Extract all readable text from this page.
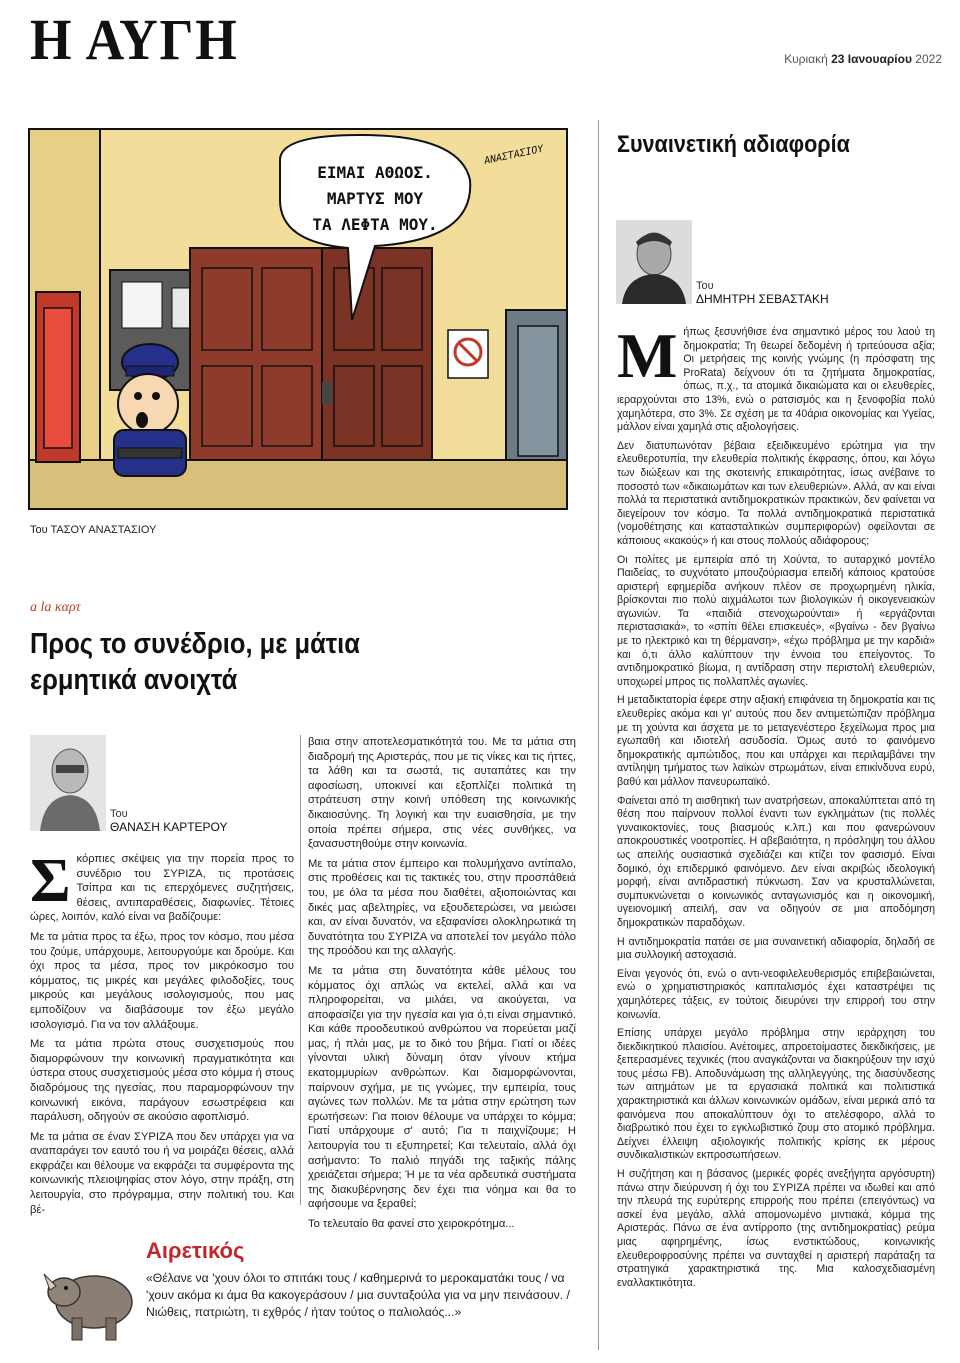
Η ΑΥΓΗ	Κυριακή 23 Ιανουαρίου 2022
ΕΙΜΑΙ ΑΘΩΟΣ.
ΜΑΡΤΥΣ ΜΟΥ
ΤΑ ΛΕΦΤΑ ΜΟΥ.
ΑΝΑΣΤΑΣΙΟΥ
Του ΤΑΣΟΥ ΑΝΑΣΤΑΣΙΟΥ
a la καρτ
Προς το συνέδριο, με μάτια ερμητικά ανοιχτά
Του
ΘΑΝΑΣΗ ΚΑΡΤΕΡΟΥ

Σκόρπιες σκέψεις για την πορεία προς το συνέδριο του ΣΥΡΙΖΑ, τις προτάσεις Τσίπρα και τις επερχόμενες συζητήσεις, θέσεις, αντιπαραθέσεις, διαφωνίες. Τέτοιες ώρες, λοιπόν, καλό είναι να βαδίζουμε:

Με τα μάτια προς τα έξω, προς τον κόσμο, που μέσα του ζούμε, υπάρχουμε, λειτουργούμε και δρούμε. Και όχι προς τα μέσα, προς τον μικρόκοσμο του κόμματος, τις μικρές και μεγάλες φιλοδοξίες, τους μικρούς και μεγάλους ισολογισμούς, που μας εμποδίζουν να διαβάσουμε τον έξω μεγάλο ισολογισμό. Για να τον αλλάξουμε.

Με τα μάτια πρώτα στους συσχετισμούς που διαμορφώνουν την κοινωνική πραγματικότητα και ύστερα στους συσχετισμούς μέσα στο κόμμα ή στους διαδρόμους της ηγεσίας, που παραμορφώνουν την κοινωνική εικόνα, παράγουν εσωστρέφεια και παράλυση, οδηγούν σε ακούσιο αφοπλισμό.

Με τα μάτια σε έναν ΣΥΡΙΖΑ που δεν υπάρχει για να αναπαράγει τον εαυτό του ή να μοιράζει θέσεις, αλλά εκφράζει και θέλουμε να εκφράζει τα συμφέροντα της κοινωνικής πλειοψηφίας στον λόγο, στην πράξη, στη λειτουργία, στο πρόγραμμα, στην πολιτική του. Και βέ-

βαια στην αποτελεσματικότητά του. Με τα μάτια στη διαδρομή της Αριστεράς, που με τις νίκες και τις ήττες, τα λάθη και τα σωστά, τις αυταπάτες και την αφοσίωση, υποκινεί και εξοπλίζει πολιτικά τη στράτευση στην κοινή υπόθεση της κοινωνικής δικαιοσύνης. Τη λογική και την ευαισθησία, με την οποία πρέπει σήμερα, στις νέες συνθήκες, να ξανασυστηθούμε στην κοινωνία.

Με τα μάτια στον έμπειρο και πολυμήχανο αντίπαλο, στις προθέσεις και τις τακτικές του, στην προσπάθειά του, με όλα τα μέσα που διαθέτει, αξιοποιώντας και δικές μας αβελτηρίες, να εξουδετερώσει, να μειώσει και, αν είναι δυνατόν, να εξαφανίσει ολοκληρωτικά τη δυνατότητα του ΣΥΡΙΖΑ να αποτελεί τον μεγάλο πόλο της προόδου και της αλλαγής.

Με τα μάτια στη δυνατότητα κάθε μέλους του κόμματος όχι απλώς να εκτελεί, αλλά και να πληροφορείται, να μιλάει, να ακούγεται, να αποφασίζει για την ηγεσία και για ό,τι είναι σημαντικό. Και κάθε προοδευτικού ανθρώπου να πορεύεται μαζί μας, ή πλάι μας, με το δικό του βήμα. Γιατί οι ιδέες γίνονται υλική δύναμη όταν γίνουν κτήμα εκατομμυρίων ανθρώπων. Και διαμορφώνονται, παίρνουν σχήμα, με τις γνώμες, την εμπειρία, τους αγώνες των πολλών. Με τα μάτια στην ερώτηση των ερωτήσεων: Για ποιον θέλουμε να υπάρχει το κόμμα; Γιατί υπάρχουμε σ' αυτό; Για τι παιχνίζουμε; Η λειτουργία του τι εξυπηρετεί; Και τελευταίο, αλλά όχι ασήμαντο: Το παλιό πηγάδι της ταξικής πάλης χρειάζεται σήμερα; Ή με τα νέα αρδευτικά συστήματα της διακυβέρνησης δεν έχει πια νόημα και θα το αφήσουμε να ξεραθεί;

Το τελευταίο θα φανεί στο χειροκρότημα...

Συναινετική αδιαφορία
Του
ΔΗΜΗΤΡΗ ΣΕΒΑΣΤΑΚΗ

Μήπως ξεσυνήθισε ένα σημαντικό μέρος του λαού τη δημοκρατία; Τη θεωρεί δεδομένη ή τριτεύουσα αξία; Οι μετρήσεις της κοινής γνώμης (η πρόσφατη της ProRata) δείχνουν ότι τα ζητήματα δημοκρατίας, όπως, π.χ., τα ατομικά δικαιώματα και οι ελευθερίες, ιεραρχούνται στο 13%, ενώ ο ρατσισμός και η ξενοφοβία πολύ χαμηλότερα, στο 3%. Σε σχέση με τα 40άρια οικονομίας και Υγείας, μάλλον είναι χαμηλά στις αξιολογήσεις.

Δεν διατυπωνόταν βέβαια εξειδικευμένο ερώτημα για την ελευθεροτυπία, την ελευθερία πολιτικής έκφρασης, όπου, και λόγω των διώξεων και της σκοτεινής επικαιρότητας, ίσως ανέβαινε το ποσοστό των «δικαιωμάτων και των ελευθεριών». Αλλά, αν και είναι πολλά τα περιστατικά αντιδημοκρατικών πρακτικών, δεν φαίνεται να διεγείρουν τον κόσμο. Τα πολλά αντιδημοκρατικά περιστατικά (νομοθέτησης και κατασταλτικών συμπεριφορών) οφείλονται σε κάποιους «κακούς» ή και στους πολλούς αδιάφορους;

Οι πολίτες με εμπειρία από τη Χούντα, το αυταρχικό μοντέλο Παιδείας, το συχνότατο μπουζούριασμα επειδή κάποιος κρατούσε αριστερή εφημερίδα ανήκουν πλέον σε προχωρημένη ηλικία, βρίσκονται πιο πολύ αιχμάλωτοι των βιολογικών ή οικογενειακών αγωνιών. Τα «παιδιά στενοχωρούνται» ή «εργάζονται περιστασιακά», το «σπίτι θέλει επισκευές», «βγαίνω - δεν βγαίνω με το ηλεκτρικό και τη θέρμανση», «έχω πρόβλημα με την καρδιά» και ό,τι άλλο καλύπτουν την έννοια του επείγοντος. Το αντιδημοκρατικό βίωμα, η αντίδραση στην περιστολή ελευθεριών, υποχωρεί μπρος τις πολλαπλές αγωνίες.

Η μεταδικτατορία έφερε στην αξιακή επιφάνεια τη δημοκρατία και τις ελευθερίες ακόμα και γι' αυτούς που δεν αντιμετώπιζαν πρόβλημα με τη χούντα και άσχετα με το μεταγενέστερο ξεχείλωμα προς μια εγωπαθή και ιδιοτελή ασυδοσία. Όμως αυτό το φαινόμενο δημοκρατικής αμπώτιδος, που και υπάρχει και περιλαμβάνει την αντίληψη τμήματος των λαϊκών στρωμάτων, είναι επικίνδυνα ευρύ, βαθύ και μάλλον πανευρωπαϊκό.

Φαίνεται από τη αισθητική των ανατρήσεων, αποκαλύπτεται από τη θέση που παίρνουν πολλοί έναντι των εγκλημάτων (τις πολλές γυναικοκτονίες, τους βιασμούς κ.λπ.) και που φανερώνουν αποκρουστικές νοοτροπίες. Η αβεβαιότητα, η πρόσληψη του άλλου ως απειλής ουσιαστικά σχεδιάζει και κτίζει τον φασισμό. Είναι δομικό, όχι επιδερμικό φαινόμενο. Δεν είναι ακριβώς ιδεολογική μορφή, είναι αντιδραστική πύκνωση. Σαν να κρυσταλλώνεται, συμπυκνώνεται ο κοινωνικός ανταγωνισμός και η οικονομική, υγειονομική απειλή, σαν να οδηγούν σε μια αποδόμηση δημοκρατικών παραδόχων.

Η αντιδημοκρατία πατάει σε μια συναινετική αδιαφορία, δηλαδή σε μια συλλογική αστοχασιά.

Είναι γεγονός ότι, ενώ ο αντι-νεοφιλελευθερισμός επιβεβαιώνεται, ενώ ο χρηματιστηριακός καπιταλισμός έχει καταστρέψει τις χαμηλότερες τάξεις, εν τούτοις διευρύνει την επιρροή του στην κοινωνία.

Επίσης υπάρχει μεγάλο πρόβλημα στην ιεράρχηση του διεκδικητικού πλαισίου. Ανέτοιμες, απροετοίμαστες διεκδικήσεις, με ξεπερασμένες τεχνικές (που αναγκάζονται να διακηρύξουν την ισχύ τους μέσω FB). Αποδυνάμωση της αλληλεγγύης, της διασύνδεσης των αιτημάτων με τα εργασιακά πολιτικά και πολιτιστικά χαρακτηριστικά και άλλων κοινωνικών ομάδων, είναι μερικά από τα φαινόμενα που αποκαλύπτουν όχι το ατελέσφορο, αλλά το διαβρωτικό που έχει το εγκλωβιστικό ζουμ στο ατομικό πρόβλημα. Δείχνει έλλειψη αξιολογικής πολιτικής κρίσης εκ μέρους συνδικαλιστικών εκπροσωπήσεων.

Η συζήτηση και η βάσανος (μερικές φορές ανεξήγητα αργόσυρτη) πάνω στην διεύρυνση ή όχι του ΣΥΡΙΖΑ πρέπει να ιδωθεί και από την πλευρά της ευρύτερης επιρροής που πρέπει (επειγόντως) να ασκεί ένα μεγάλο, αλλά απομονωμένο μιντιακά, κόμμα της Αριστεράς. Πάνω σε ένα αντίρροπο (της αντιδημοκρατίας) ρεύμα μιας αφηρημένης, ίσως ενστικτώδους, κοινωνικής ελευθεροφροσύνης πρέπει να συνταχθεί η αριστερή παράταξη τα στρατηγικά χαρακτηριστικά της. Μια καλοσχεδιασμένη εναλλακτικότητα.

Αιρετικός
«Θέλανε να 'χουν όλοι το σπιτάκι τους / καθημερινά το μεροκαματάκι τους / να 'χουν ακόμα κι άμα θα κακογεράσουν / μια συνταξούλα για να μην πεινάσουν. / Νιώθεις, πατριώτη, τι εχθρός / ήταν τούτος ο παλιολαός...»
